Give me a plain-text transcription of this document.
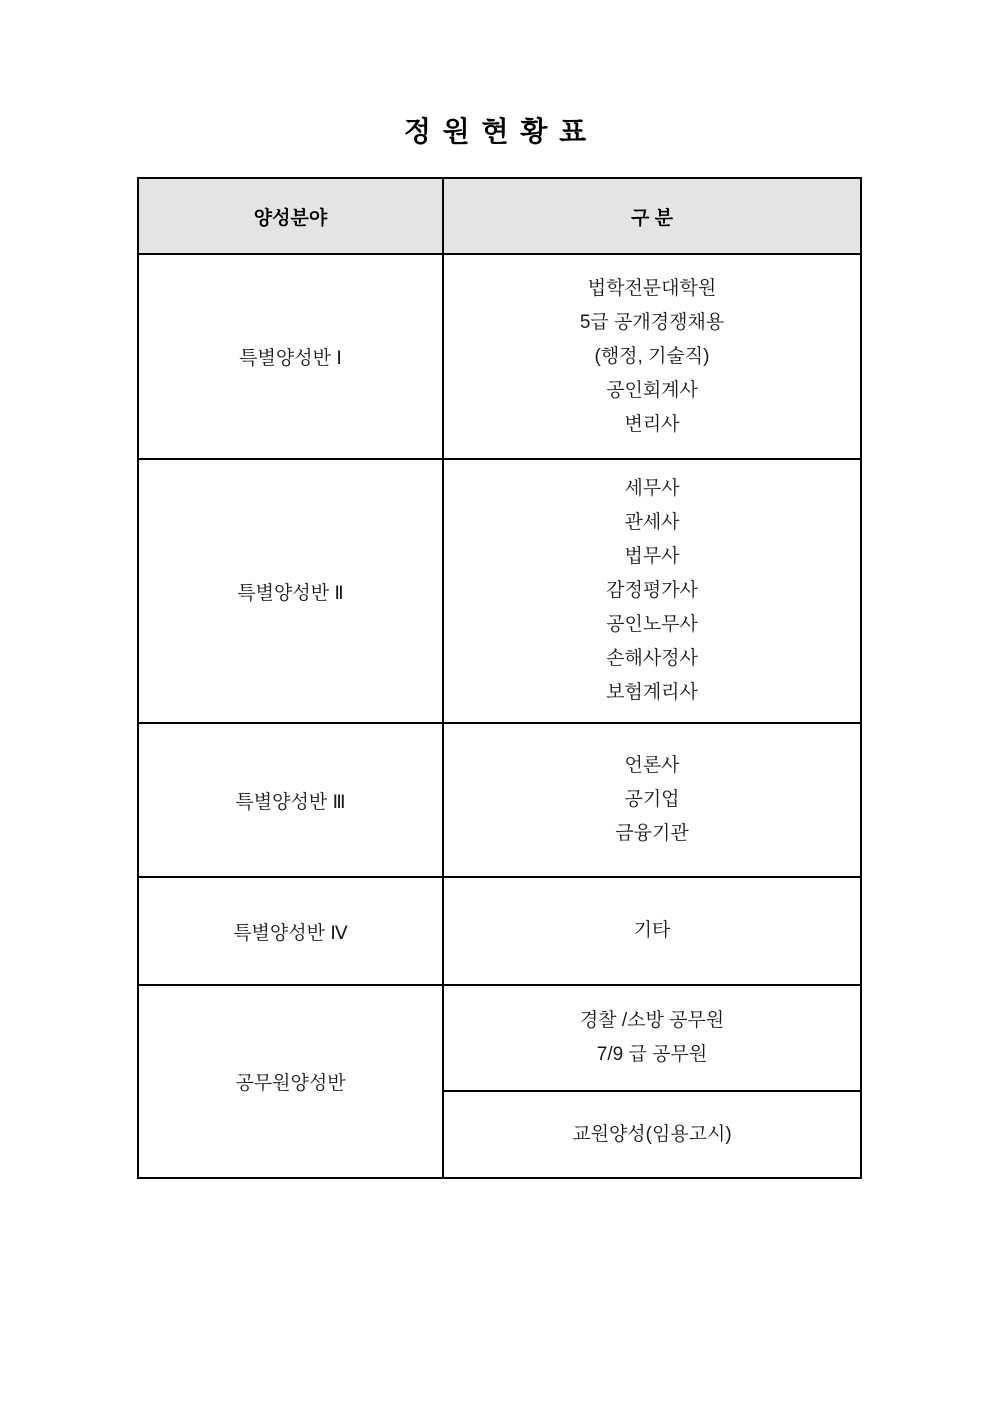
정 원 현 황 표
양성분야	구 분
특별양성반 Ⅰ	법학전문대학원
5급 공개경쟁채용
(행정, 기술직)
공인회계사
변리사

특별양성반 Ⅱ	
세무사
관세사
법무사
감정평가사
공인노무사
손해사정사
보험계리사

특별양성반 Ⅲ	언론사
공기업
금융기관

특별양성반 Ⅳ	기타

공무원양성반	경찰 /소방 공무원
7/9 급 공무원

	교원양성(임용고시)
